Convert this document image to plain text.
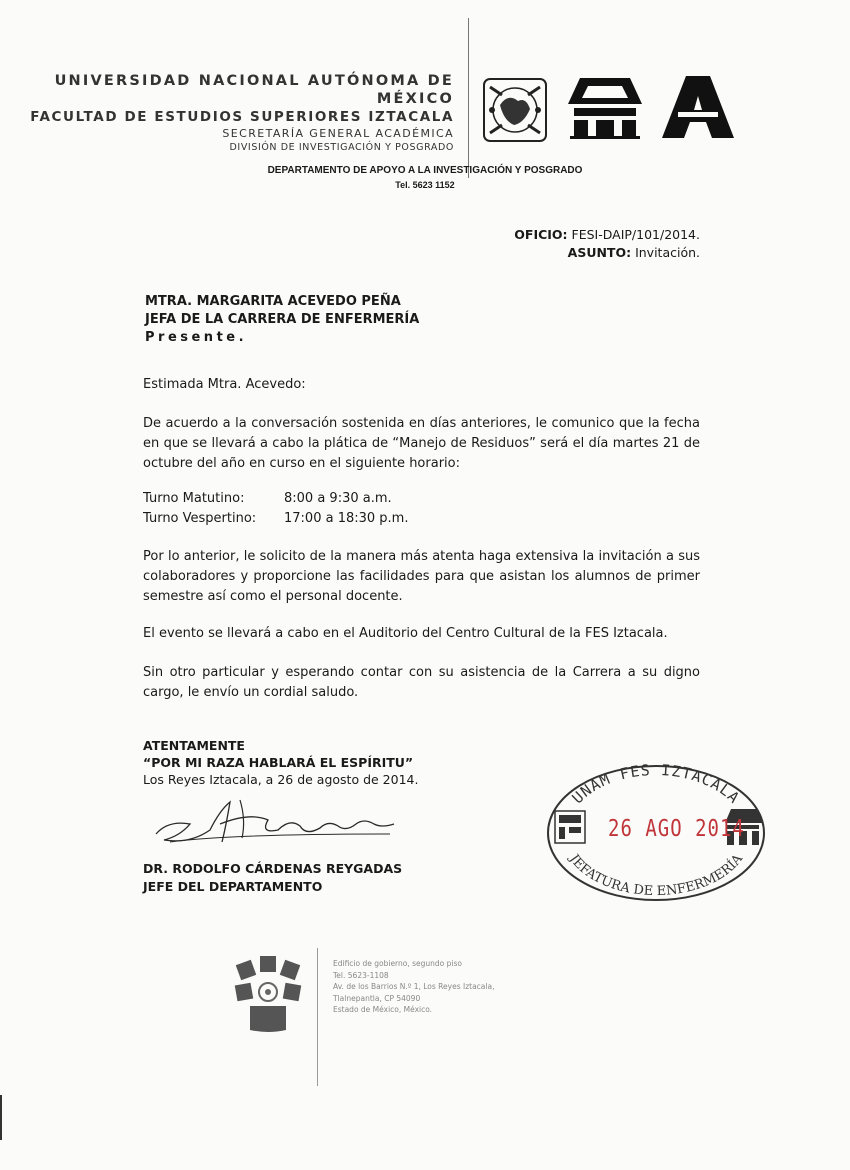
UNIVERSIDAD NACIONAL AUTÓNOMA DE MÉXICO
FACULTAD DE ESTUDIOS SUPERIORES IZTACALA
SECRETARÍA GENERAL ACADÉMICA
DIVISIÓN DE INVESTIGACIÓN Y POSGRADO
DEPARTAMENTO DE APOYO A LA INVESTIGACIÓN Y POSGRADO
Tel. 5623 1152
OFICIO: FESI-DAIP/101/2014.
ASUNTO: Invitación.
MTRA. MARGARITA ACEVEDO PEÑA
JEFA DE LA CARRERA DE ENFERMERÍA
Presente.
Estimada Mtra. Acevedo:
De acuerdo a la conversación sostenida en días anteriores, le comunico que la fecha en que se llevará a cabo la plática de “Manejo de Residuos” será el día martes 21 de octubre del año en curso en el siguiente horario:
Turno Matutino:	8:00 a 9:30 a.m.
Turno Vespertino: 17:00 a 18:30 p.m.
Por lo anterior, le solicito de la manera más atenta haga extensiva la invitación a sus colaboradores y proporcione las facilidades para que asistan los alumnos de primer semestre así como el personal docente.
El evento se llevará a cabo en el Auditorio del Centro Cultural de la FES Iztacala.
Sin otro particular y esperando contar con su asistencia de la Carrera a su digno cargo, le envío un cordial saludo.
ATENTAMENTE
“POR MI RAZA HABLARÁ EL ESPÍRITU”
Los Reyes Iztacala, a 26 de agosto de 2014.
DR. RODOLFO CÁRDENAS REYGADAS
JEFE DEL DEPARTAMENTO
UNAM FES IZTACALA
JEFATURA DE ENFERMERÍA
26 AGO 2014
Edificio de gobierno, segundo piso
Tel. 5623-1108
Av. de los Barrios N.º 1, Los Reyes Iztacala,
Tlalnepantla, CP 54090
Estado de México, México.
